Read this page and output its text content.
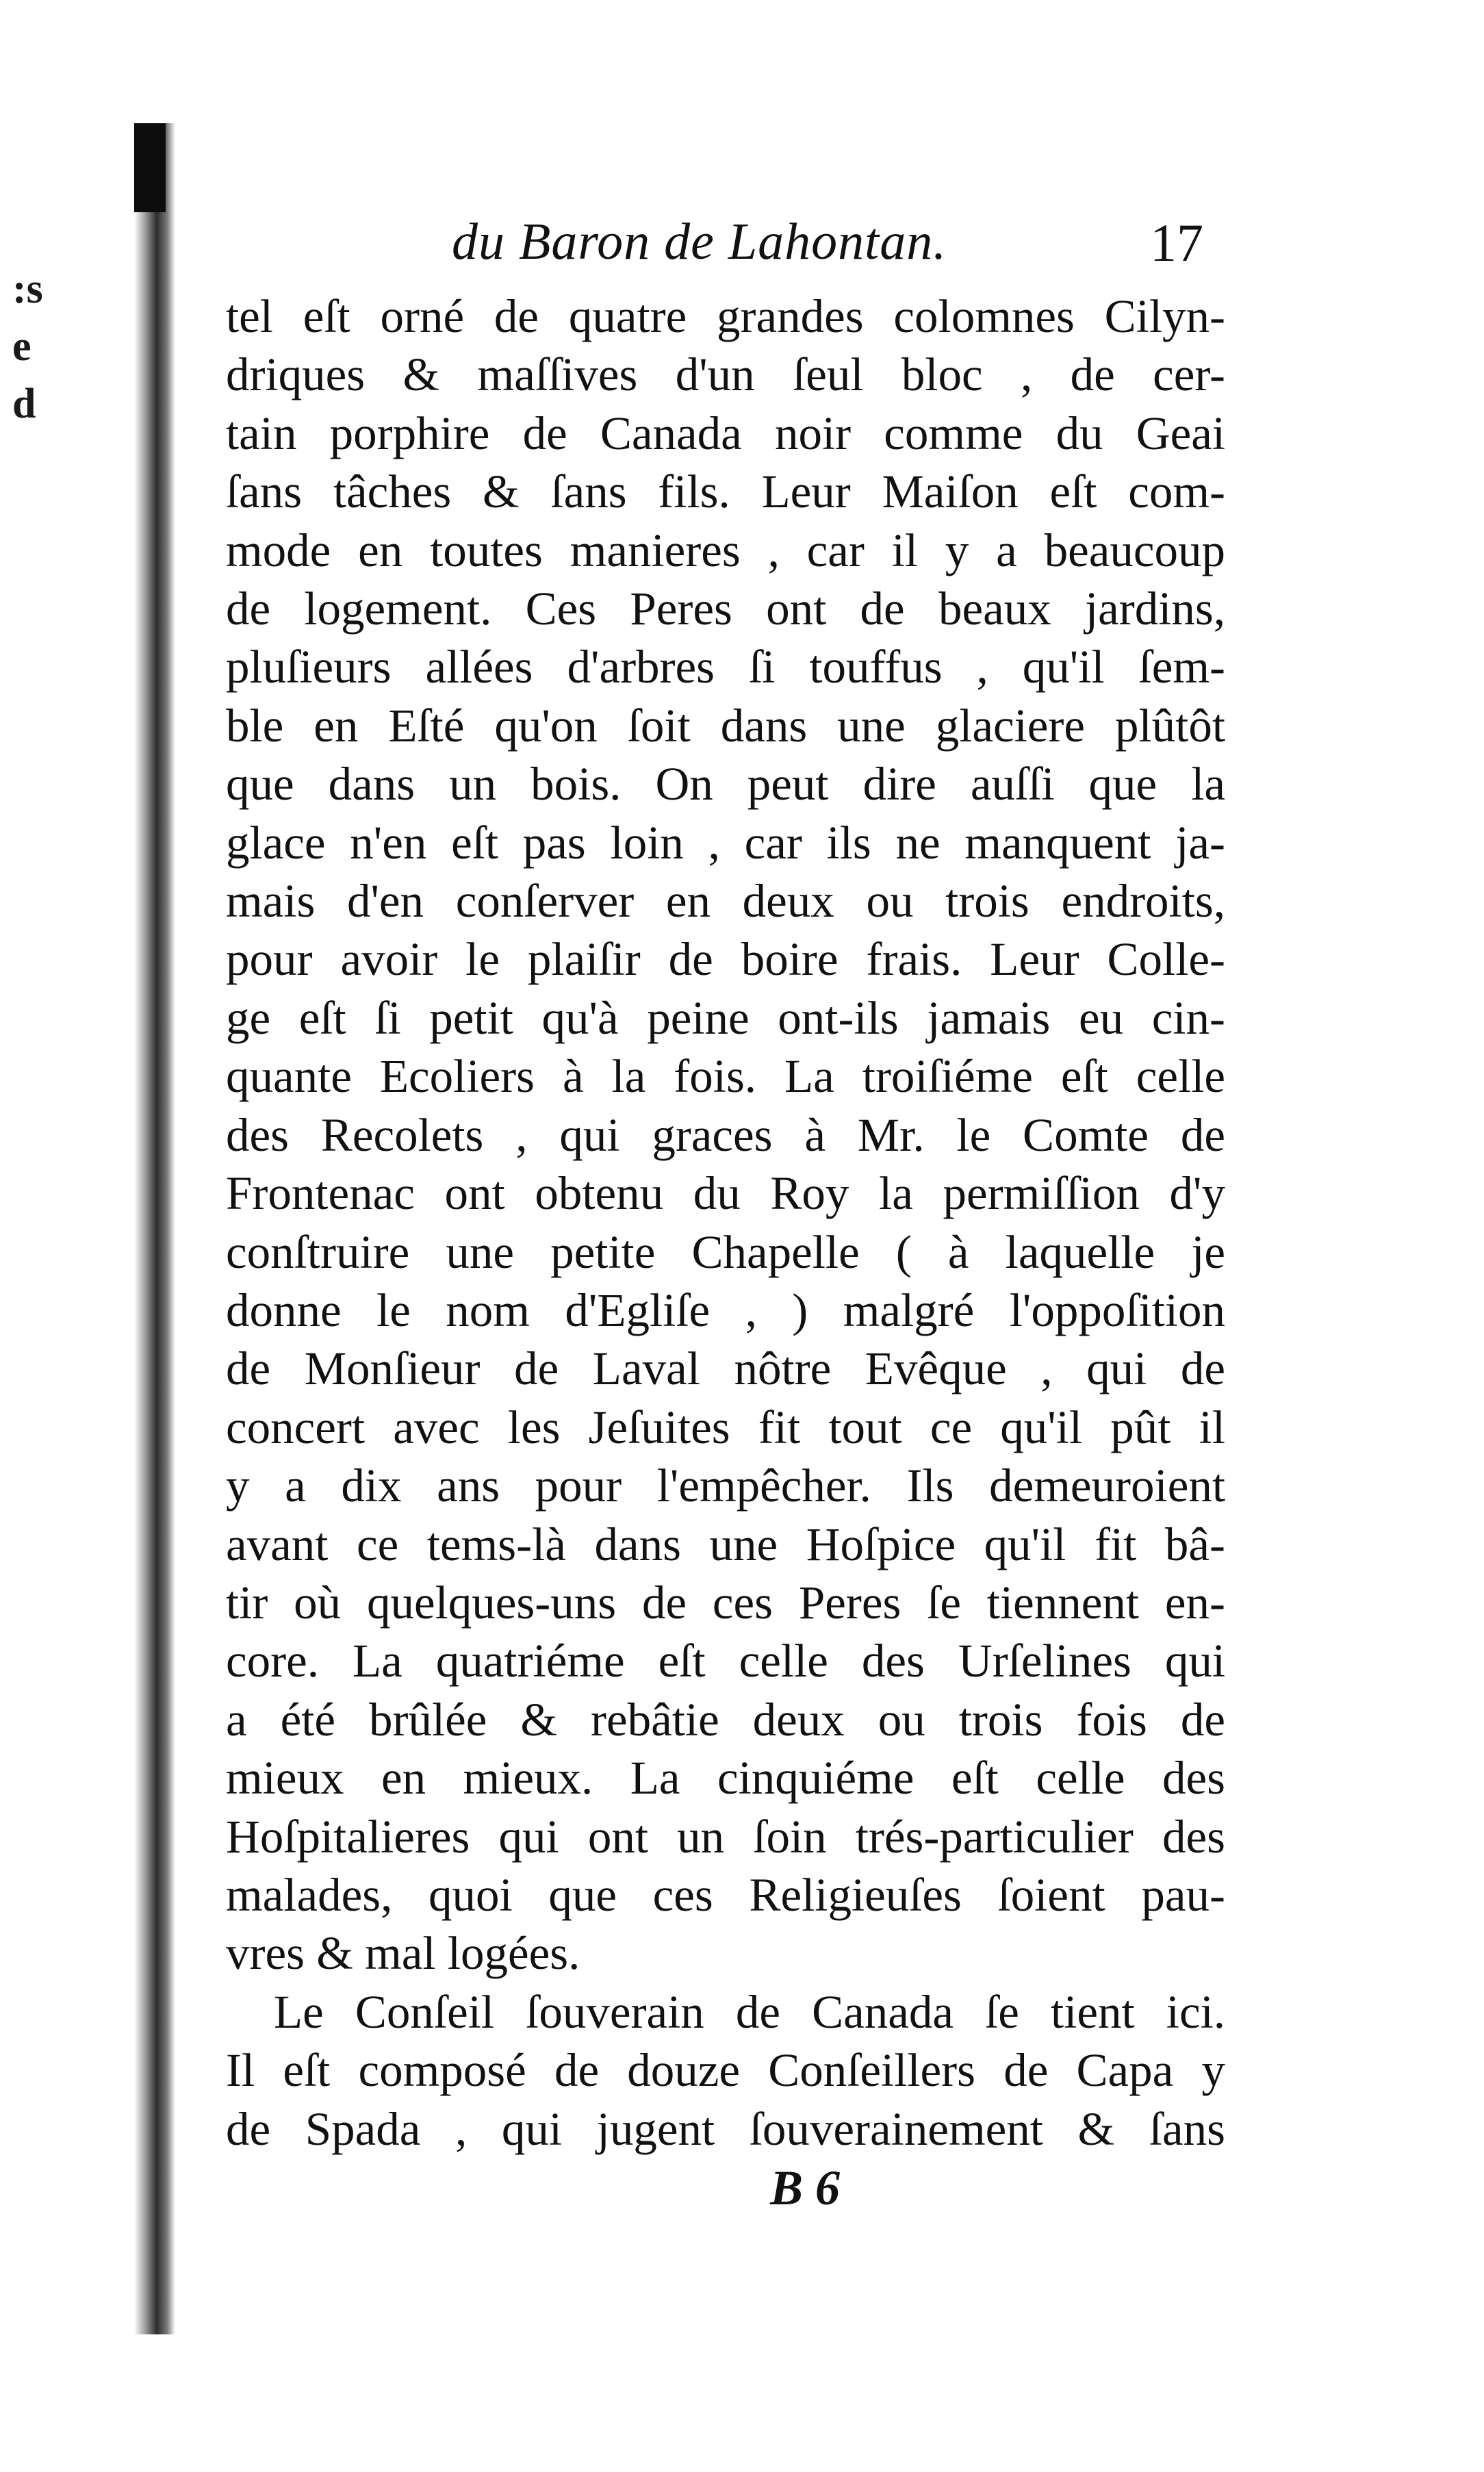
:s
e
d
du Baron de Lahontan.	17
tel eſt orné de quatre grandes colomnes Cilyn-
driques & maſſives d'un ſeul bloc , de cer-
tain porphire de Canada noir comme du Geai
ſans tâches & ſans fils. Leur Maiſon eſt com-
mode en toutes manieres , car il y a beaucoup
de logement. Ces Peres ont de beaux jardins,
pluſieurs allées d'arbres ſi touffus , qu'il ſem-
ble en Eſté qu'on ſoit dans une glaciere plûtôt
que dans un bois. On peut dire auſſi que la
glace n'en eſt pas loin , car ils ne manquent ja-
mais d'en conſerver en deux ou trois endroits,
pour avoir le plaiſir de boire frais. Leur Colle-
ge eſt ſi petit qu'à peine ont-ils jamais eu cin-
quante Ecoliers à la fois. La troiſiéme eſt celle
des Recolets , qui graces à Mr. le Comte de
Frontenac ont obtenu du Roy la permiſſion d'y
conſtruire une petite Chapelle ( à laquelle je
donne le nom d'Egliſe , ) malgré l'oppoſition
de Monſieur de Laval nôtre Evêque , qui de
concert avec les Jeſuites fit tout ce qu'il pût il
y a dix ans pour l'empêcher. Ils demeuroient
avant ce tems-là dans une Hoſpice qu'il fit bâ-
tir où quelques-uns de ces Peres ſe tiennent en-
core. La quatriéme eſt celle des Urſelines qui
a été brûlée & rebâtie deux ou trois fois de
mieux en mieux. La cinquiéme eſt celle des
Hoſpitalieres qui ont un ſoin trés-particulier des
malades, quoi que ces Religieuſes ſoient pau-
vres & mal logées.
Le Conſeil ſouverain de Canada ſe tient ici.
Il eſt composé de douze Conſeillers de Capa y
de Spada , qui jugent ſouverainement & ſans
B 6
